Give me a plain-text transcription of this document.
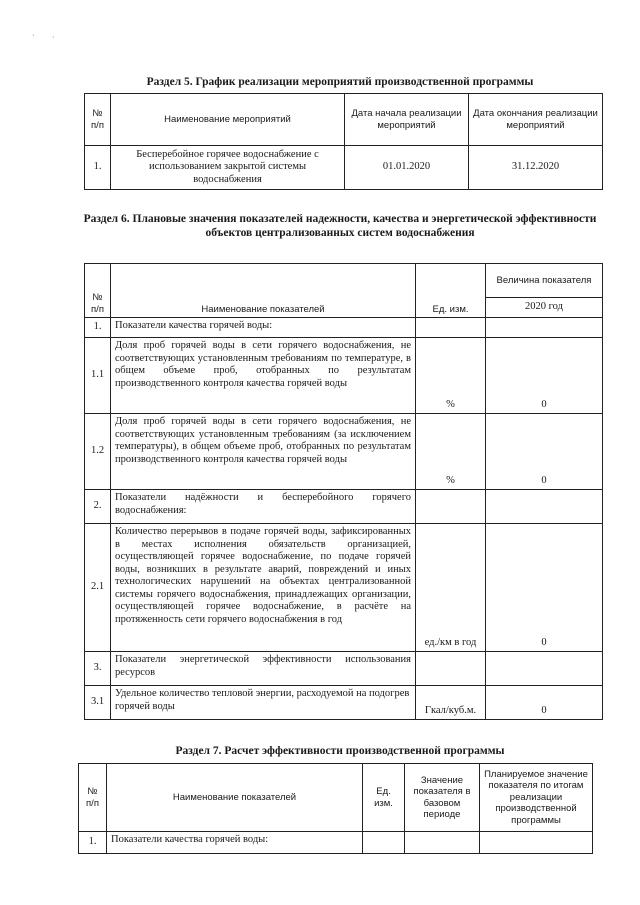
· ·
Раздел 5. График реализации мероприятий производственной программы
№ п/п	Наименование мероприятий	Дата начала реализации мероприятий	Дата окончания реализации мероприятий
1.	Бесперебойное горячее водоснабжение с использованием закрытой системы водоснабжения	01.01.2020	31.12.2020
Раздел 6. Плановые значения показателей надежности, качества и энергетической эффективности объектов централизованных систем водоснабжения
№ п/п	Наименование показателей	Ед. изм.	Величина показателя
			2020 год
1.	Показатели качества горячей воды:		
1.1	Доля проб горячей воды в сети горячего водоснабжения, не соответствующих установленным требованиям по температуре, в общем объеме проб, отобранных по результатам производственного контроля качества горячей воды	%	0
1.2	Доля проб горячей воды в сети горячего водоснабжения, не соответствующих установленным требованиям (за исключением температуры), в общем объеме проб, отобранных по результатам производственного контроля качества горячей воды	%	0
2.	Показатели надёжности и бесперебойного горячего водоснабжения:		
2.1	Количество перерывов в подаче горячей воды, зафиксированных в местах исполнения обязательств организацией, осуществляющей горячее водоснабжение, по подаче горячей воды, возникших в результате аварий, повреждений и иных технологических нарушений на объектах централизованной системы горячего водоснабжения, принадлежащих организации, осуществляющей горячее водоснабжение, в расчёте на протяженность сети горячего водоснабжения в год	ед./км в год	0
3.	Показатели энергетической эффективности использования ресурсов		
3.1	Удельное количество тепловой энергии, расходуемой на подогрев горячей воды	Гкал/куб.м.	0
Раздел 7. Расчет эффективности производственной программы
№ п/п	Наименование показателей	Ед. изм.	Значение показателя в базовом периоде	Планируемое значение показателя по итогам реализации производственной программы
1.	Показатели качества горячей воды:			
